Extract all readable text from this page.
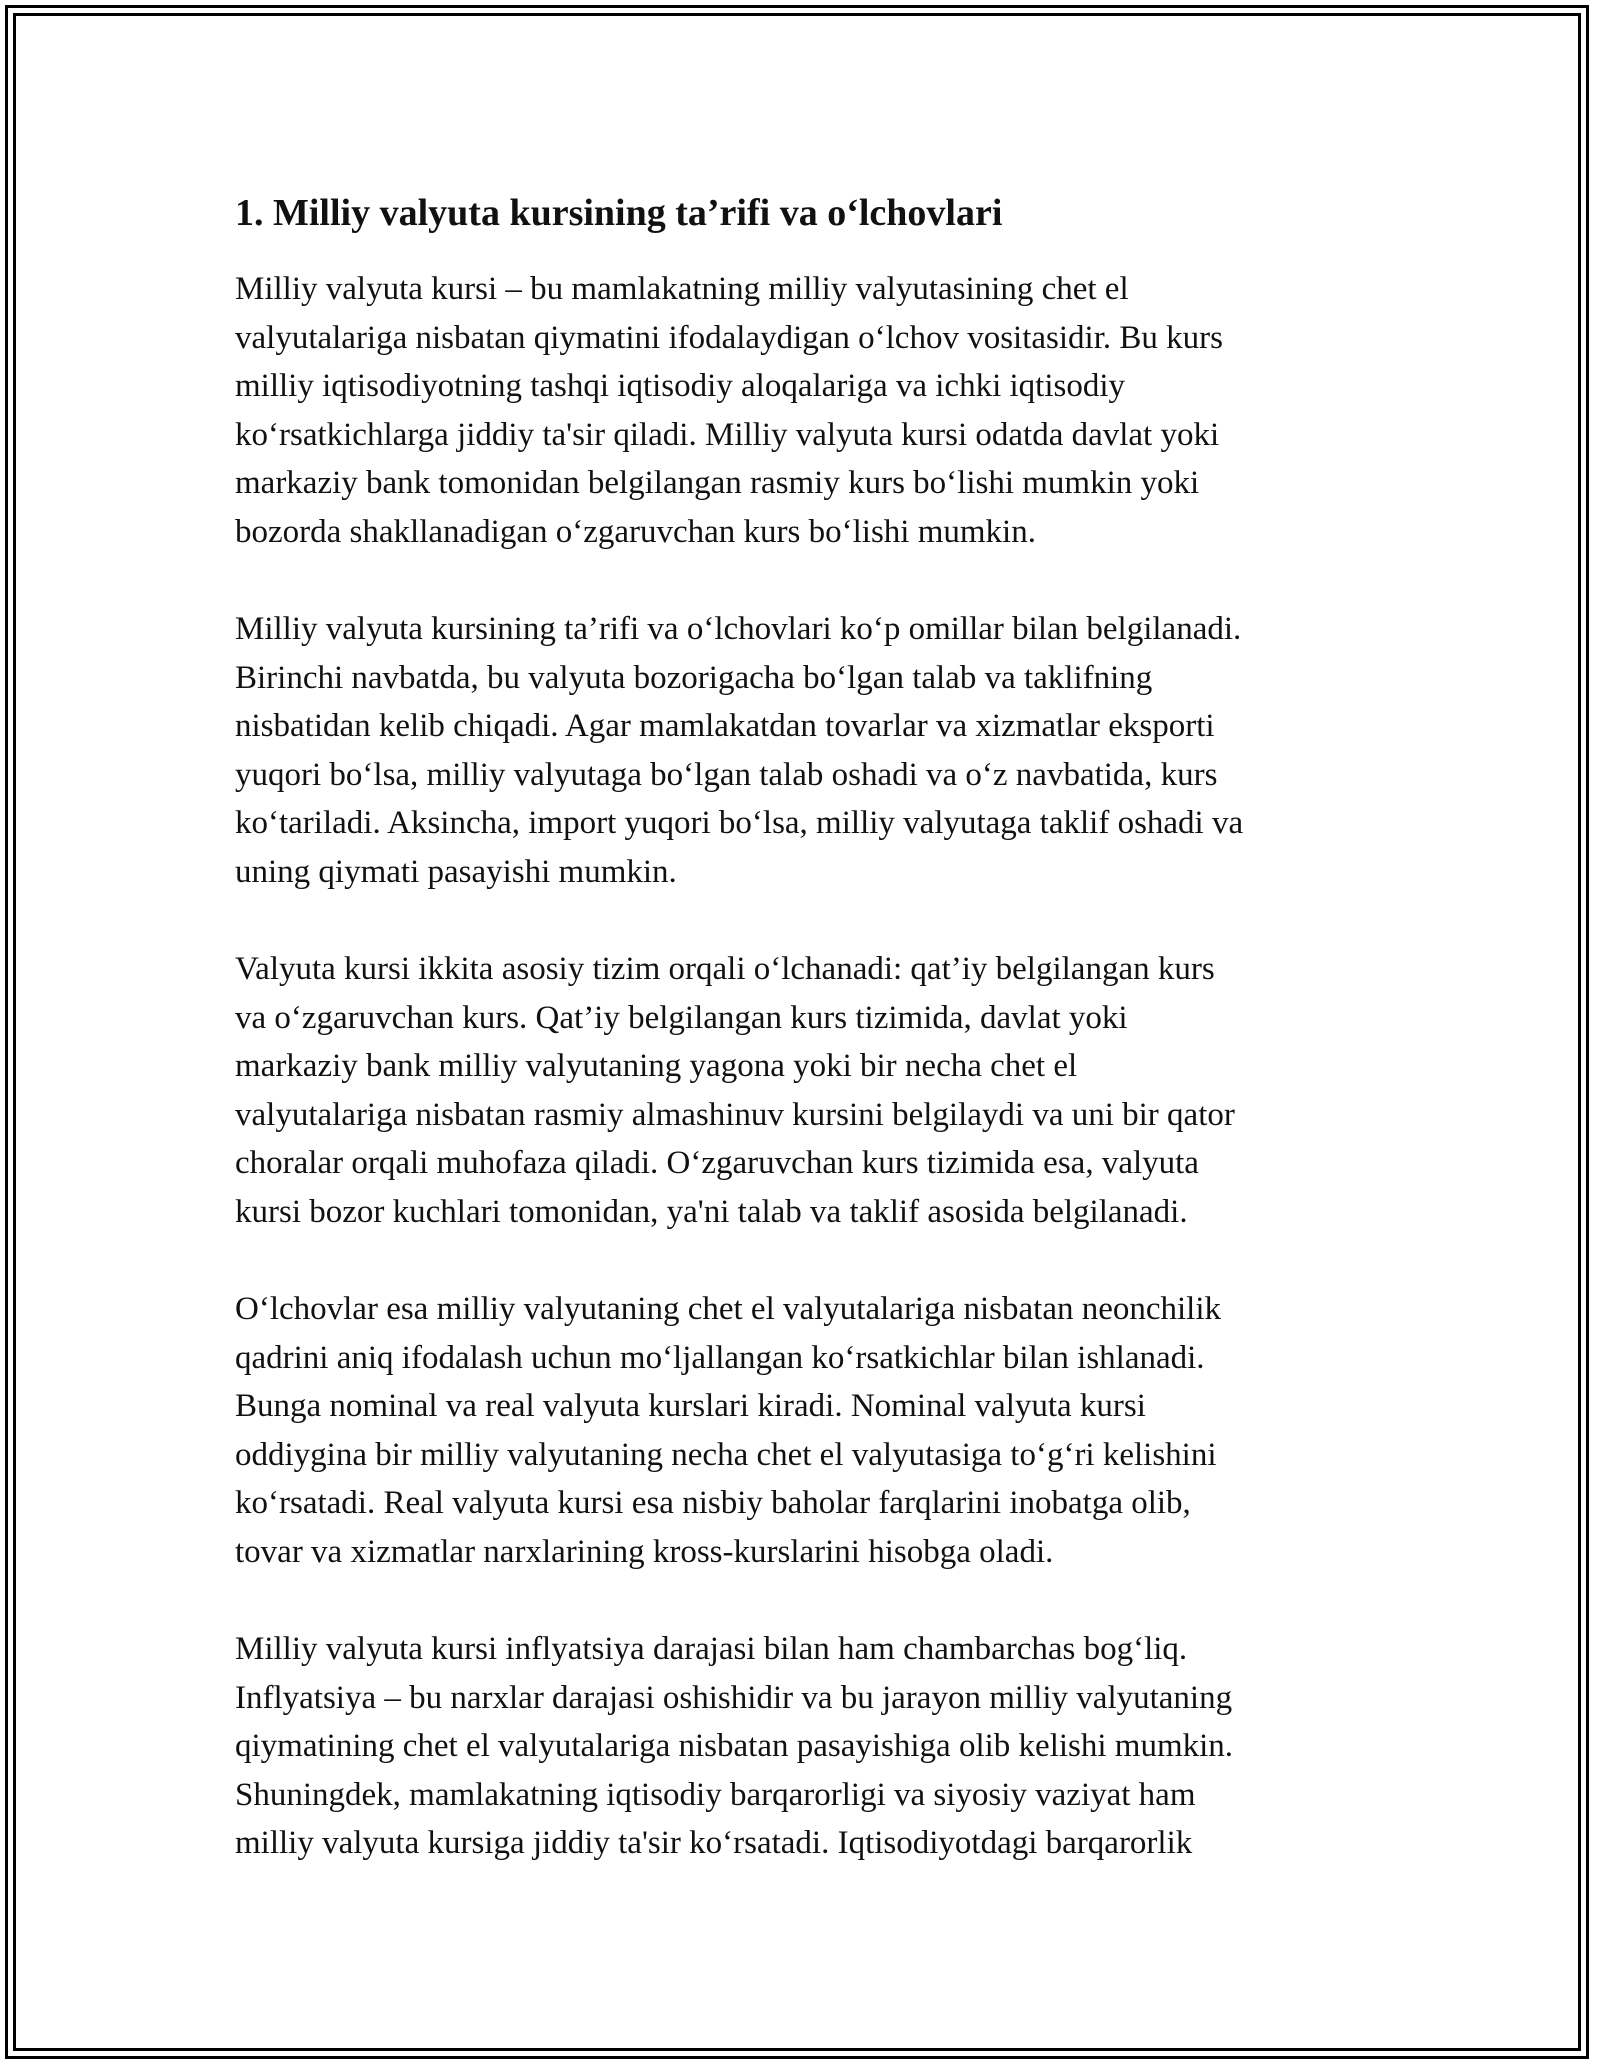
1. Milliy valyuta kursining ta’rifi va o‘lchovlari

Milliy valyuta kursi – bu mamlakatning milliy valyutasining chet el
valyutalariga nisbatan qiymatini ifodalaydigan o‘lchov vositasidir. Bu kurs
milliy iqtisodiyotning tashqi iqtisodiy aloqalariga va ichki iqtisodiy
ko‘rsatkichlarga jiddiy ta'sir qiladi. Milliy valyuta kursi odatda davlat yoki
markaziy bank tomonidan belgilangan rasmiy kurs bo‘lishi mumkin yoki
bozorda shakllanadigan o‘zgaruvchan kurs bo‘lishi mumkin.

Milliy valyuta kursining ta’rifi va o‘lchovlari ko‘p omillar bilan belgilanadi.
Birinchi navbatda, bu valyuta bozorigacha bo‘lgan talab va taklifning
nisbatidan kelib chiqadi. Agar mamlakatdan tovarlar va xizmatlar eksporti
yuqori bo‘lsa, milliy valyutaga bo‘lgan talab oshadi va o‘z navbatida, kurs
ko‘tariladi. Aksincha, import yuqori bo‘lsa, milliy valyutaga taklif oshadi va
uning qiymati pasayishi mumkin.

Valyuta kursi ikkita asosiy tizim orqali o‘lchanadi: qat’iy belgilangan kurs
va o‘zgaruvchan kurs. Qat’iy belgilangan kurs tizimida, davlat yoki
markaziy bank milliy valyutaning yagona yoki bir necha chet el
valyutalariga nisbatan rasmiy almashinuv kursini belgilaydi va uni bir qator
choralar orqali muhofaza qiladi. O‘zgaruvchan kurs tizimida esa, valyuta
kursi bozor kuchlari tomonidan, ya'ni talab va taklif asosida belgilanadi.

O‘lchovlar esa milliy valyutaning chet el valyutalariga nisbatan neonchilik
qadrini aniq ifodalash uchun mo‘ljallangan ko‘rsatkichlar bilan ishlanadi.
Bunga nominal va real valyuta kurslari kiradi. Nominal valyuta kursi
oddiygina bir milliy valyutaning necha chet el valyutasiga to‘g‘ri kelishini
ko‘rsatadi. Real valyuta kursi esa nisbiy baholar farqlarini inobatga olib,
tovar va xizmatlar narxlarining kross-kurslarini hisobga oladi.

Milliy valyuta kursi inflyatsiya darajasi bilan ham chambarchas bog‘liq.
Inflyatsiya – bu narxlar darajasi oshishidir va bu jarayon milliy valyutaning
qiymatining chet el valyutalariga nisbatan pasayishiga olib kelishi mumkin.
Shuningdek, mamlakatning iqtisodiy barqarorligi va siyosiy vaziyat ham
milliy valyuta kursiga jiddiy ta'sir ko‘rsatadi. Iqtisodiyotdagi barqarorlik
